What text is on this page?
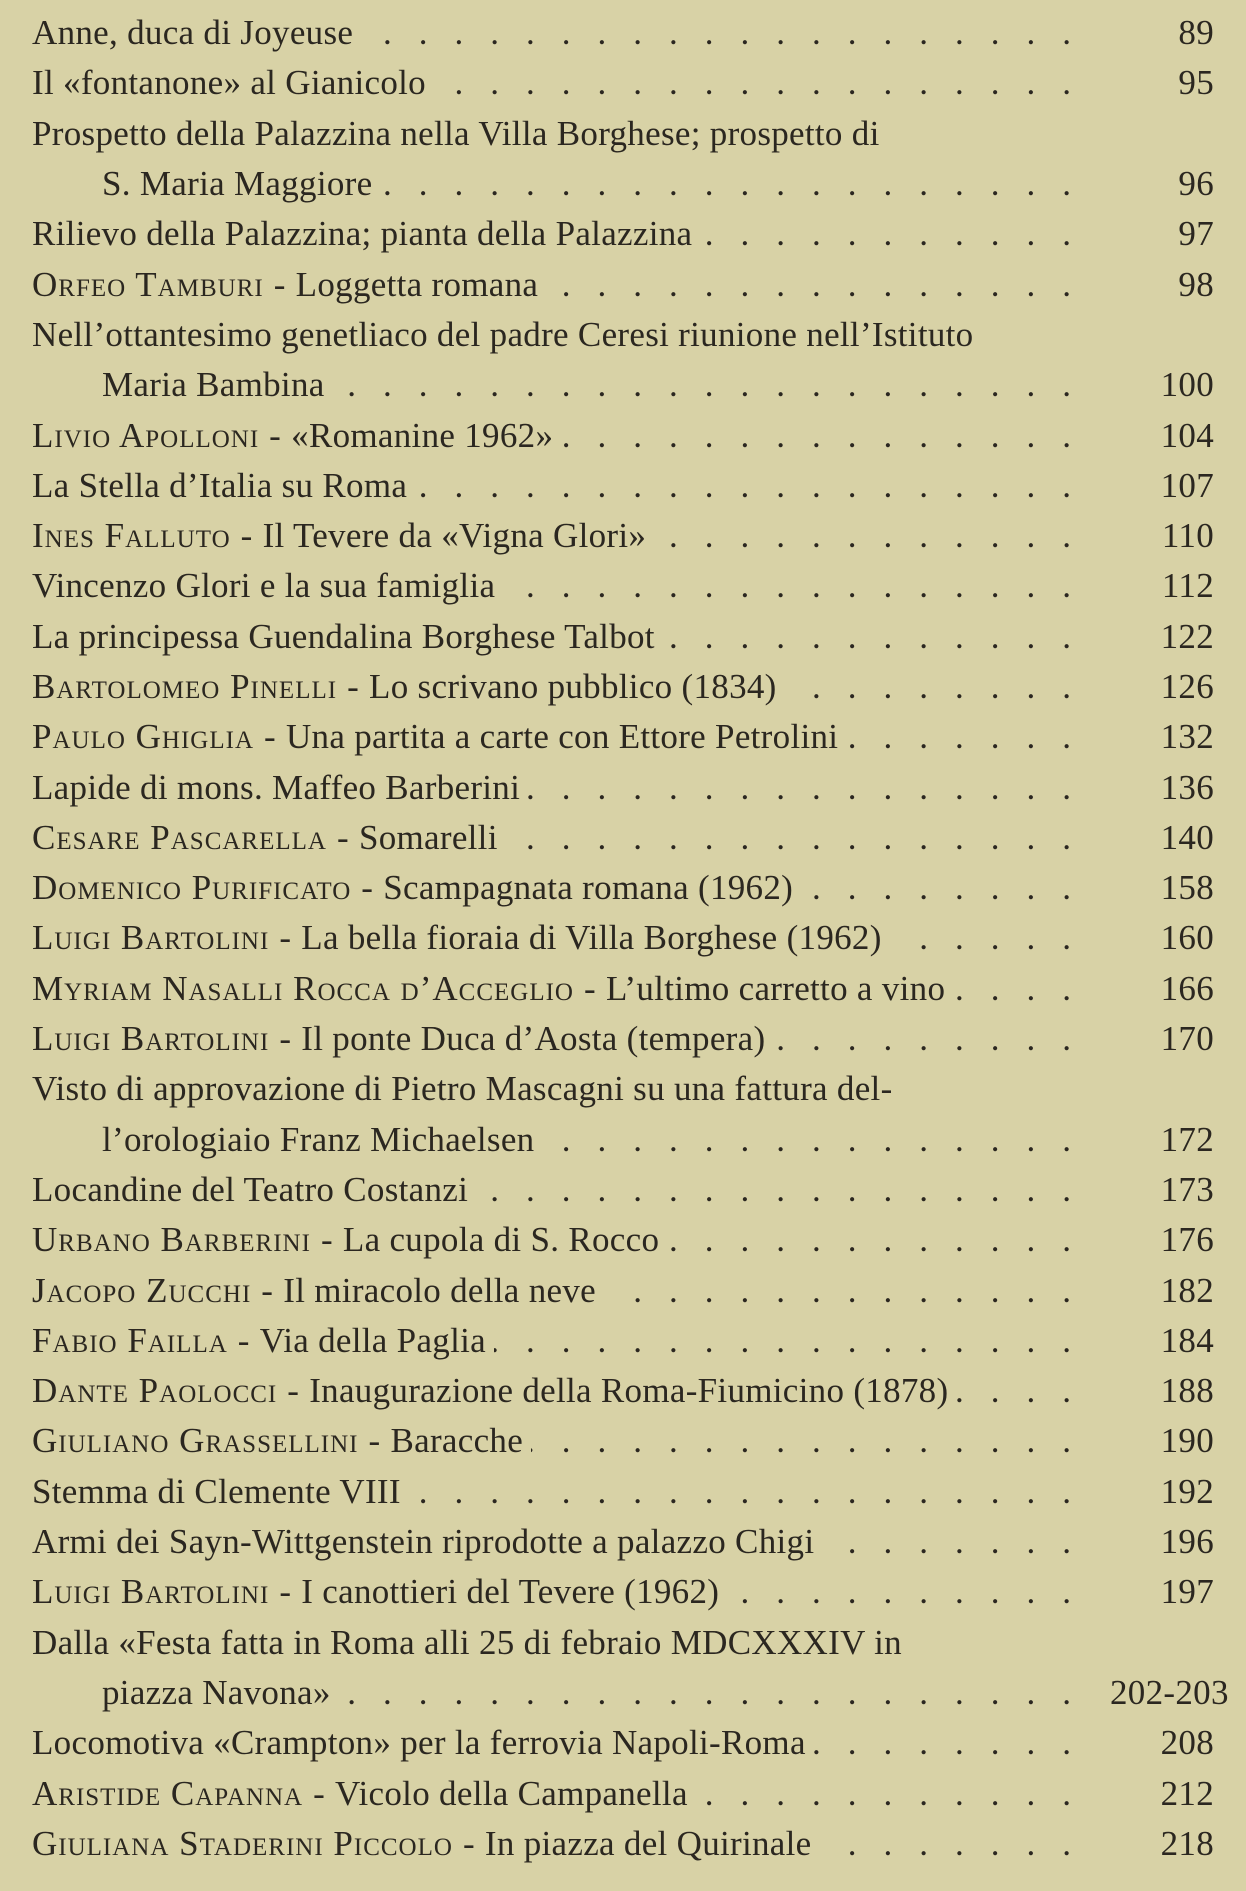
Anne, duca di Joyeuse .....	89
Il «fontanone» al Gianicolo .....	95
Prospetto della Palazzina nella Villa Borghese; prospetto di
S. Maria Maggiore .....	96
Rilievo della Palazzina; pianta della Palazzina .....	97
Orfeo Tamburi - Loggetta romana .....	98
Nell’ottantesimo genetliaco del padre Ceresi riunione nell’Istituto
Maria Bambina .....	100
Livio Apolloni - «Romanine 1962» .....	104
La Stella d’Italia su Roma .....	107
Ines Falluto - Il Tevere da «Vigna Glori» .....	110
Vincenzo Glori e la sua famiglia .....	112
La principessa Guendalina Borghese Talbot .....	122
Bartolomeo Pinelli - Lo scrivano pubblico (1834) .....	126
Paulo Ghiglia - Una partita a carte con Ettore Petrolini .....	132
Lapide di mons. Maffeo Barberini .....	136
Cesare Pascarella - Somarelli .....	140
Domenico Purificato - Scampagnata romana (1962) .....	158
Luigi Bartolini - La bella fioraia di Villa Borghese (1962) .....	160
Myriam Nasalli Rocca d’Acceglio - L’ultimo carretto a vino .....	166
Luigi Bartolini - Il ponte Duca d’Aosta (tempera) .....	170
Visto di approvazione di Pietro Mascagni su una fattura del-
l’orologiaio Franz Michaelsen .....	172
Locandine del Teatro Costanzi .....	173
Urbano Barberini - La cupola di S. Rocco .....	176
Jacopo Zucchi - Il miracolo della neve .....	182
Fabio Failla - Via della Paglia .....	184
Dante Paolocci - Inaugurazione della Roma-Fiumicino (1878) .....	188
Giuliano Grassellini - Baracche .....	190
Stemma di Clemente VIII .....	192
Armi dei Sayn-Wittgenstein riprodotte a palazzo Chigi .....	196
Luigi Bartolini - I canottieri del Tevere (1962) .....	197
Dalla «Festa fatta in Roma alli 25 di febraio MDCXXXIV in
piazza Navona» .....	202-203
Locomotiva «Crampton» per la ferrovia Napoli-Roma .....	208
Aristide Capanna - Vicolo della Campanella .....	212
Giuliana Staderini Piccolo - In piazza del Quirinale .....	218
